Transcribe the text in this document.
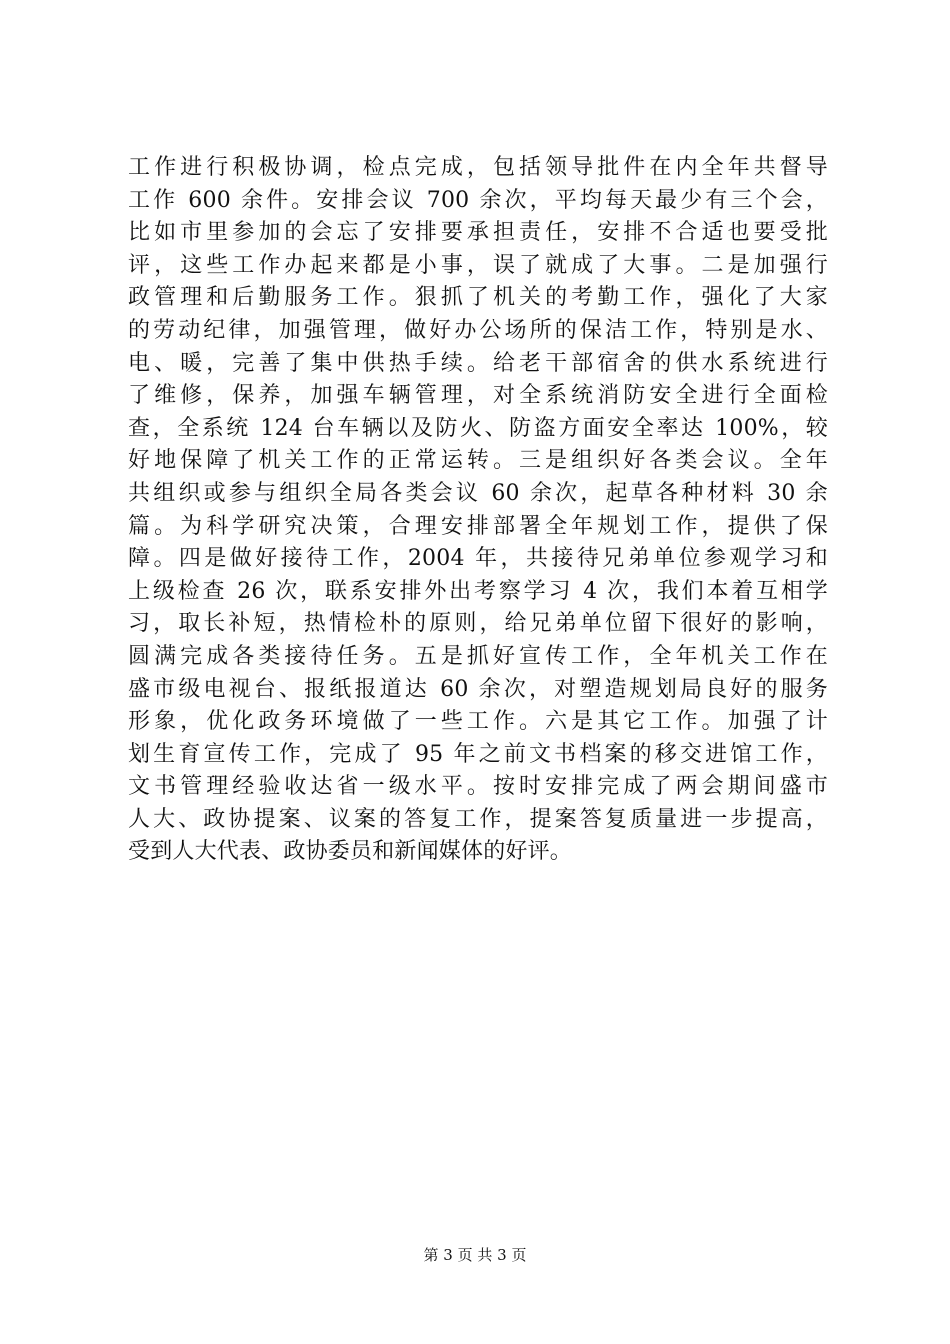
工作进行积极协调，检点完成，包括领导批件在内全年共督导
工作 600 余件。安排会议 700 余次，平均每天最少有三个会，
比如市里参加的会忘了安排要承担责任，安排不合适也要受批
评，这些工作办起来都是小事，误了就成了大事。二是加强行
政管理和后勤服务工作。狠抓了机关的考勤工作，强化了大家
的劳动纪律，加强管理，做好办公场所的保洁工作，特别是水、
电、暖，完善了集中供热手续。给老干部宿舍的供水系统进行
了维修，保养，加强车辆管理，对全系统消防安全进行全面检
查，全系统 124 台车辆以及防火、防盗方面安全率达 100%，较
好地保障了机关工作的正常运转。三是组织好各类会议。全年
共组织或参与组织全局各类会议 60 余次，起草各种材料 30 余
篇。为科学研究决策，合理安排部署全年规划工作，提供了保
障。四是做好接待工作，2004 年，共接待兄弟单位参观学习和
上级检查 26 次，联系安排外出考察学习 4 次，我们本着互相学
习，取长补短，热情检朴的原则，给兄弟单位留下很好的影响，
圆满完成各类接待任务。五是抓好宣传工作，全年机关工作在
盛市级电视台、报纸报道达 60 余次，对塑造规划局良好的服务
形象，优化政务环境做了一些工作。六是其它工作。加强了计
划生育宣传工作，完成了 95 年之前文书档案的移交进馆工作，
文书管理经验收达省一级水平。按时安排完成了两会期间盛市
人大、政协提案、议案的答复工作，提案答复质量进一步提高，
受到人大代表、政协委员和新闻媒体的好评。
第 3 页 共 3 页
